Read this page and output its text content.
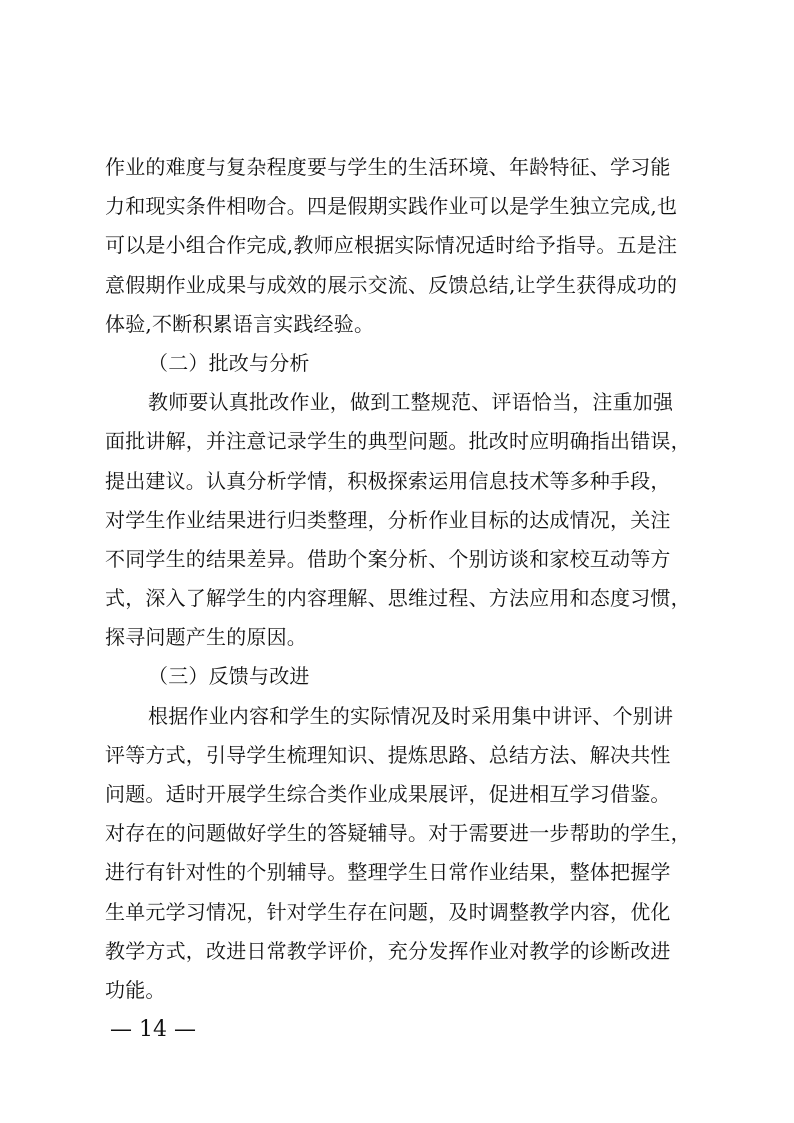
作业的难度与复杂程度要与学生的生活环境、年龄特征、学习能
力和现实条件相吻合。四是假期实践作业可以是学生独立完成,也
可以是小组合作完成,教师应根据实际情况适时给予指导。五是注
意假期作业成果与成效的展示交流、反馈总结,让学生获得成功的
体验,不断积累语言实践经验。
（二）批改与分析
教师要认真批改作业，做到工整规范、评语恰当，注重加强
面批讲解，并注意记录学生的典型问题。批改时应明确指出错误，
提出建议。认真分析学情，积极探索运用信息技术等多种手段，
对学生作业结果进行归类整理，分析作业目标的达成情况，关注
不同学生的结果差异。借助个案分析、个别访谈和家校互动等方
式，深入了解学生的内容理解、思维过程、方法应用和态度习惯，
探寻问题产生的原因。
（三）反馈与改进
根据作业内容和学生的实际情况及时采用集中讲评、个别讲
评等方式，引导学生梳理知识、提炼思路、总结方法、解决共性
问题。适时开展学生综合类作业成果展评，促进相互学习借鉴。
对存在的问题做好学生的答疑辅导。对于需要进一步帮助的学生，
进行有针对性的个别辅导。整理学生日常作业结果，整体把握学
生单元学习情况，针对学生存在问题，及时调整教学内容，优化
教学方式，改进日常教学评价，充分发挥作业对教学的诊断改进
功能。
— 14 —
